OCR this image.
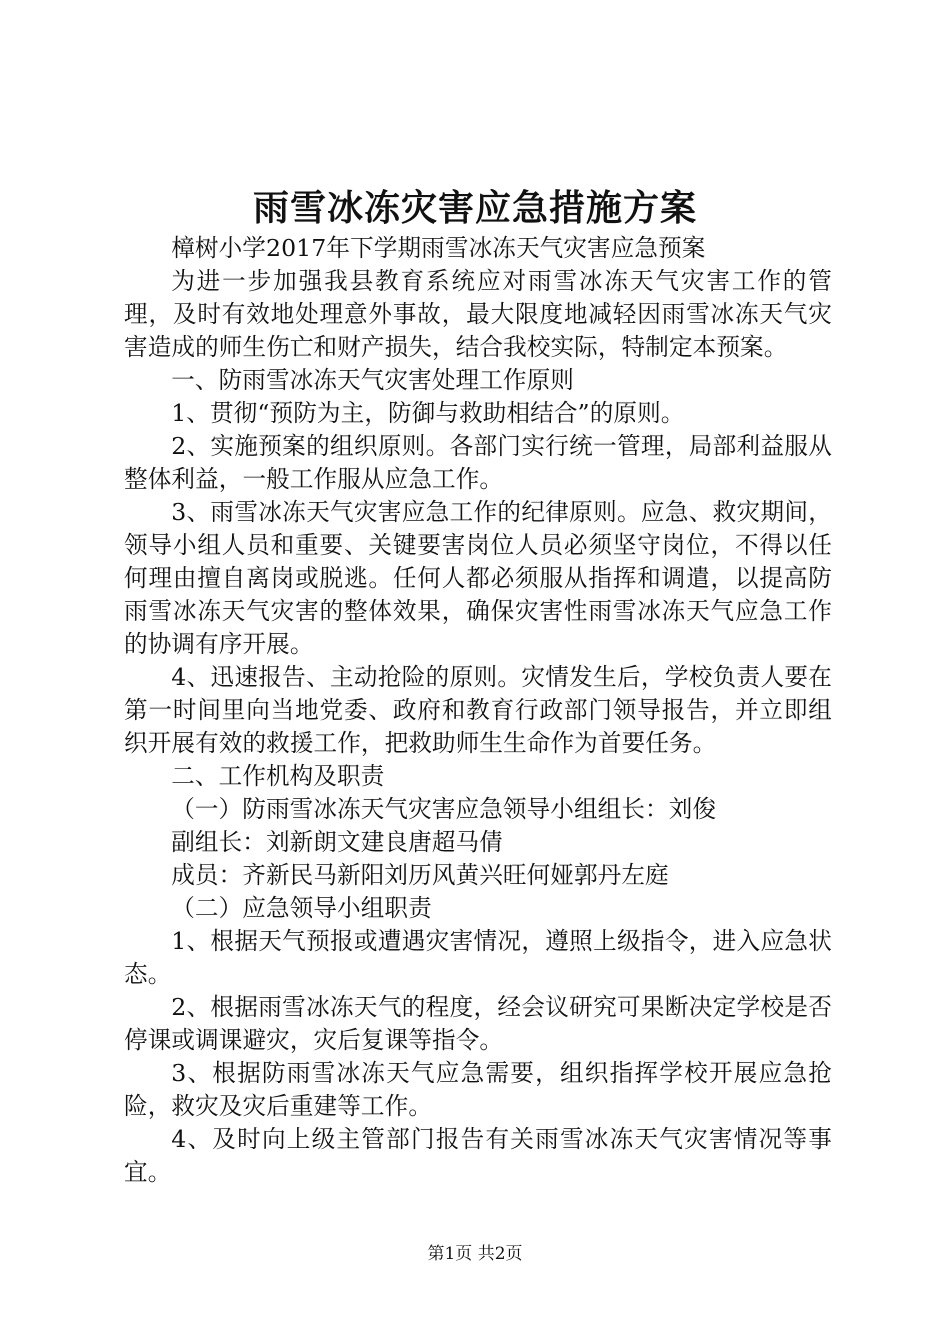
雨雪冰冻灾害应急措施方案

樟树小学2017年下学期雨雪冰冻天气灾害应急预案

为进一步加强我县教育系统应对雨雪冰冻天气灾害工作的管理，及时有效地处理意外事故，最大限度地减轻因雨雪冰冻天气灾害造成的师生伤亡和财产损失，结合我校实际，特制定本预案。

一、防雨雪冰冻天气灾害处理工作原则

1、贯彻“预防为主，防御与救助相结合”的原则。

2、实施预案的组织原则。各部门实行统一管理，局部利益服从整体利益，一般工作服从应急工作。

3、雨雪冰冻天气灾害应急工作的纪律原则。应急、救灾期间，领导小组人员和重要、关键要害岗位人员必须坚守岗位，不得以任何理由擅自离岗或脱逃。任何人都必须服从指挥和调遣，以提高防雨雪冰冻天气灾害的整体效果，确保灾害性雨雪冰冻天气应急工作的协调有序开展。

4、迅速报告、主动抢险的原则。灾情发生后，学校负责人要在第一时间里向当地党委、政府和教育行政部门领导报告，并立即组织开展有效的救援工作，把救助师生生命作为首要任务。

二、工作机构及职责

（一）防雨雪冰冻天气灾害应急领导小组组长：刘俊

副组长：刘新朗文建良唐超马倩

成员：齐新民马新阳刘历风黄兴旺何娅郭丹左庭

（二）应急领导小组职责

1、根据天气预报或遭遇灾害情况，遵照上级指令，进入应急状态。

2、根据雨雪冰冻天气的程度，经会议研究可果断决定学校是否停课或调课避灾，灾后复课等指令。

3、根据防雨雪冰冻天气应急需要，组织指挥学校开展应急抢险，救灾及灾后重建等工作。

4、及时向上级主管部门报告有关雨雪冰冻天气灾害情况等事宜。

第1页 共2页
